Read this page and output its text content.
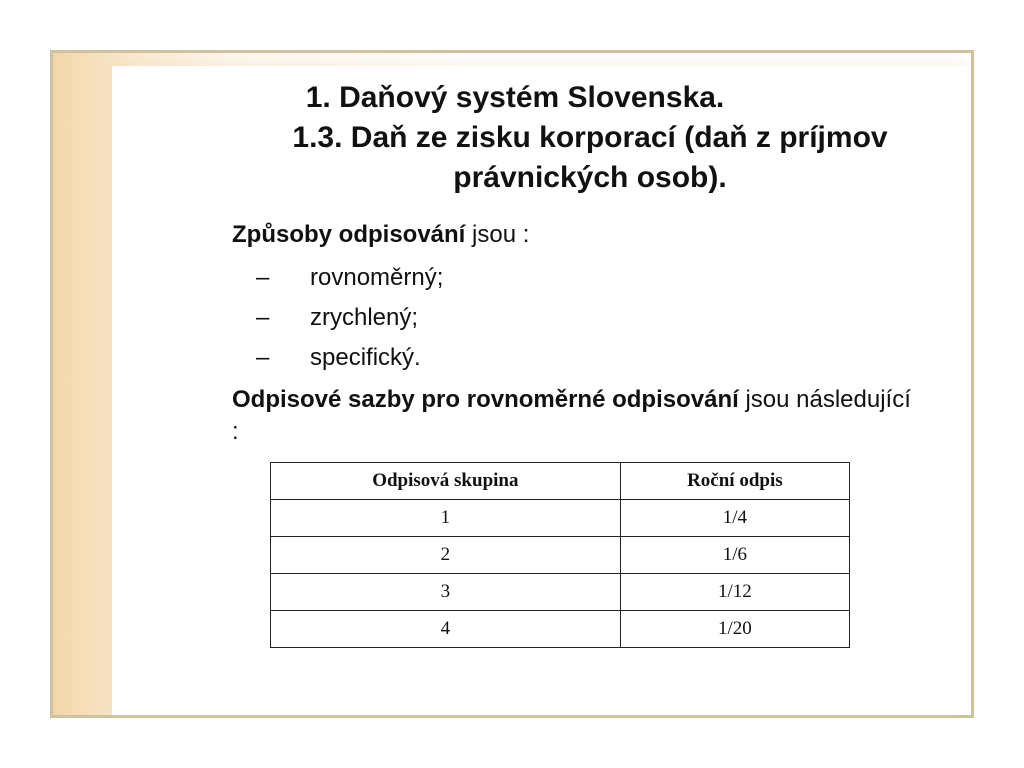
1. Daňový systém Slovenska.
1.3. Daň ze zisku korporací (daň z príjmov právnických osob).

Způsoby odpisování jsou :

–	rovnoměrný;
–	zrychlený;
–	specifický.

Odpisové sazby pro rovnoměrné odpisování jsou následující :

Odpisová skupina	Roční odpis
1	1/4
2	1/6
3	1/12
4	1/20
